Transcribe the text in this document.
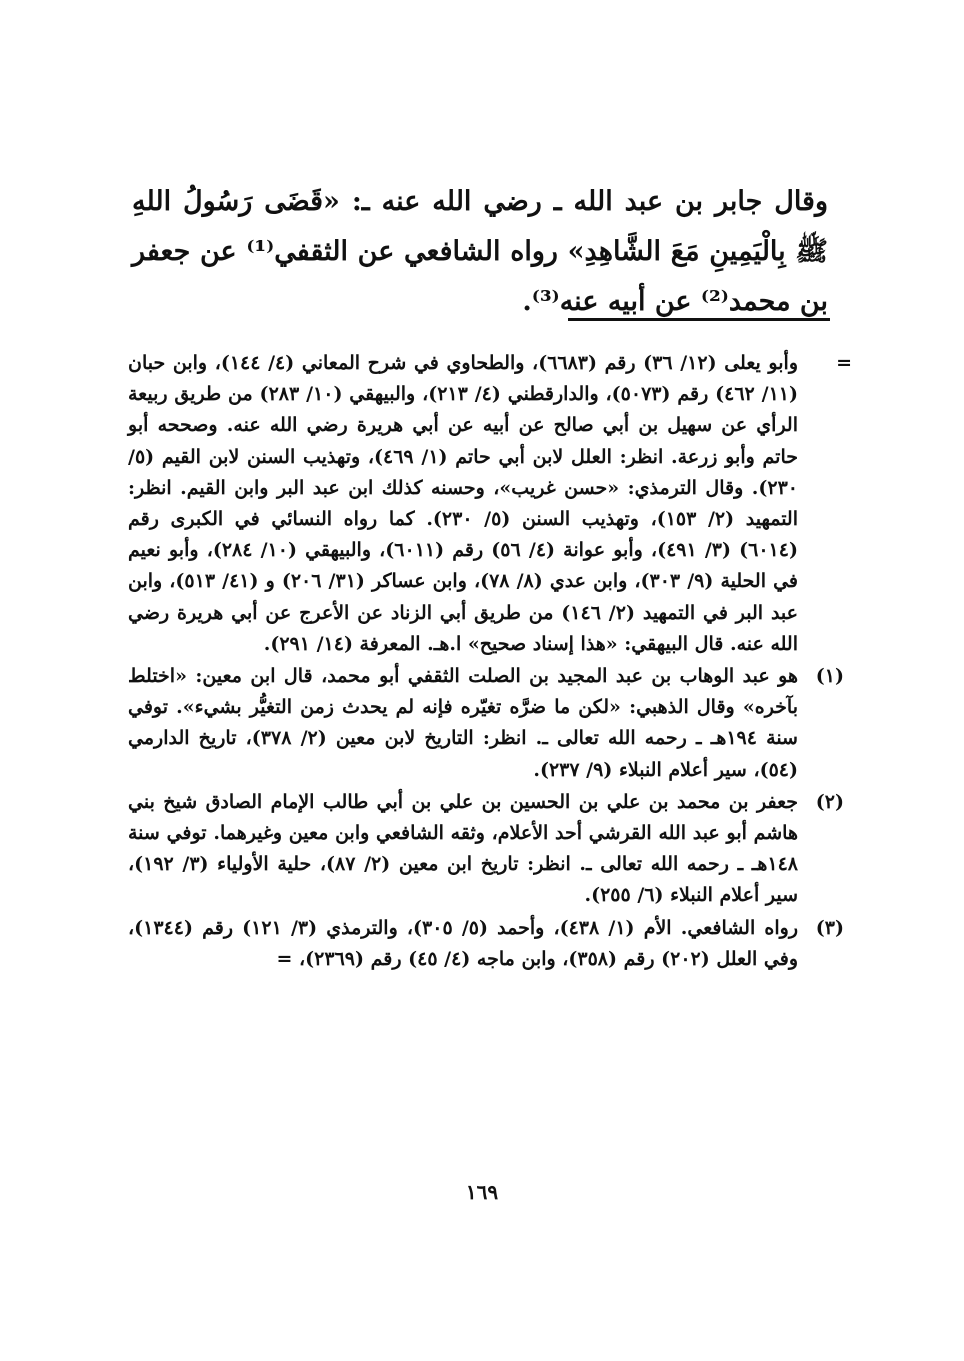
وقال جابر بن عبد الله ـ رضي الله عنه ـ: «قَضَى رَسُولُ اللهِ ﷺ بِالْيَمِينِ مَعَ الشَّاهِدِ» رواه الشافعي عن الثقفي⁽¹⁾ عن جعفر بن محمد⁽²⁾ عن أبيه عنه⁽³⁾.

=
وأبو يعلى (١٢/ ٣٦) رقم (٦٦٨٣)، والطحاوي في شرح المعاني (٤/ ١٤٤)، وابن حبان (١١/ ٤٦٢) رقم (٥٠٧٣)، والدارقطني (٤/ ٢١٣)، والبيهقي (١٠/ ٢٨٣) من طريق ربيعة الرأي عن سهيل بن أبي صالح عن أبيه عن أبي هريرة رضي الله عنه. وصححه أبو حاتم وأبو زرعة. انظر: العلل لابن أبي حاتم (١/ ٤٦٩)، وتهذيب السنن لابن القيم (٥/ ٢٣٠). وقال الترمذي: «حسن غريب»، وحسنه كذلك ابن عبد البر وابن القيم. انظر: التمهيد (٢/ ١٥٣)، وتهذيب السنن (٥/ ٢٣٠). كما رواه النسائي في الكبرى رقم (٦٠١٤) (٣/ ٤٩١)، وأبو عوانة (٤/ ٥٦) رقم (٦٠١١)، والبيهقي (١٠/ ٢٨٤)، وأبو نعيم في الحلية (٩/ ٣٠٣)، وابن عدي (٨/ ٧٨)، وابن عساكر (٣١/ ٢٠٦) و (٤١/ ٥١٣)، وابن عبد البر في التمهيد (٢/ ١٤٦) من طريق أبي الزناد عن الأعرج عن أبي هريرة رضي الله عنه. قال البيهقي: «هذا إسناد صحيح» ا.هـ. المعرفة (١٤/ ٢٩١).
(١)
هو عبد الوهاب بن عبد المجيد بن الصلت الثقفي أبو محمد، قال ابن معين: «اختلط بآخره» وقال الذهبي: «لكن ما ضرَّه تغيّره فإنه لم يحدث زمن التغيُّر بشيء». توفي سنة ١٩٤هـ ـ رحمه الله تعالى ـ. انظر: التاريخ لابن معين (٢/ ٣٧٨)، تاريخ الدارمي (٥٤)، سير أعلام النبلاء (٩/ ٢٣٧).
(٢)
جعفر بن محمد بن علي بن الحسين بن علي بن أبي طالب الإمام الصادق شيخ بني هاشم أبو عبد الله القرشي أحد الأعلام، وثقه الشافعي وابن معين وغيرهما. توفي سنة ١٤٨هـ ـ رحمه الله تعالى ـ. انظر: تاريخ ابن معين (٢/ ٨٧)، حلية الأولياء (٣/ ١٩٢)، سير أعلام النبلاء (٦/ ٢٥٥).
(٣)
رواه الشافعي. الأم (١/ ٤٣٨)، وأحمد (٥/ ٣٠٥)، والترمذي (٣/ ١٢١) رقم (١٣٤٤)، وفي العلل (٢٠٢) رقم (٣٥٨)، وابن ماجه (٤/ ٤٥) رقم (٢٣٦٩)، =
١٦٩
